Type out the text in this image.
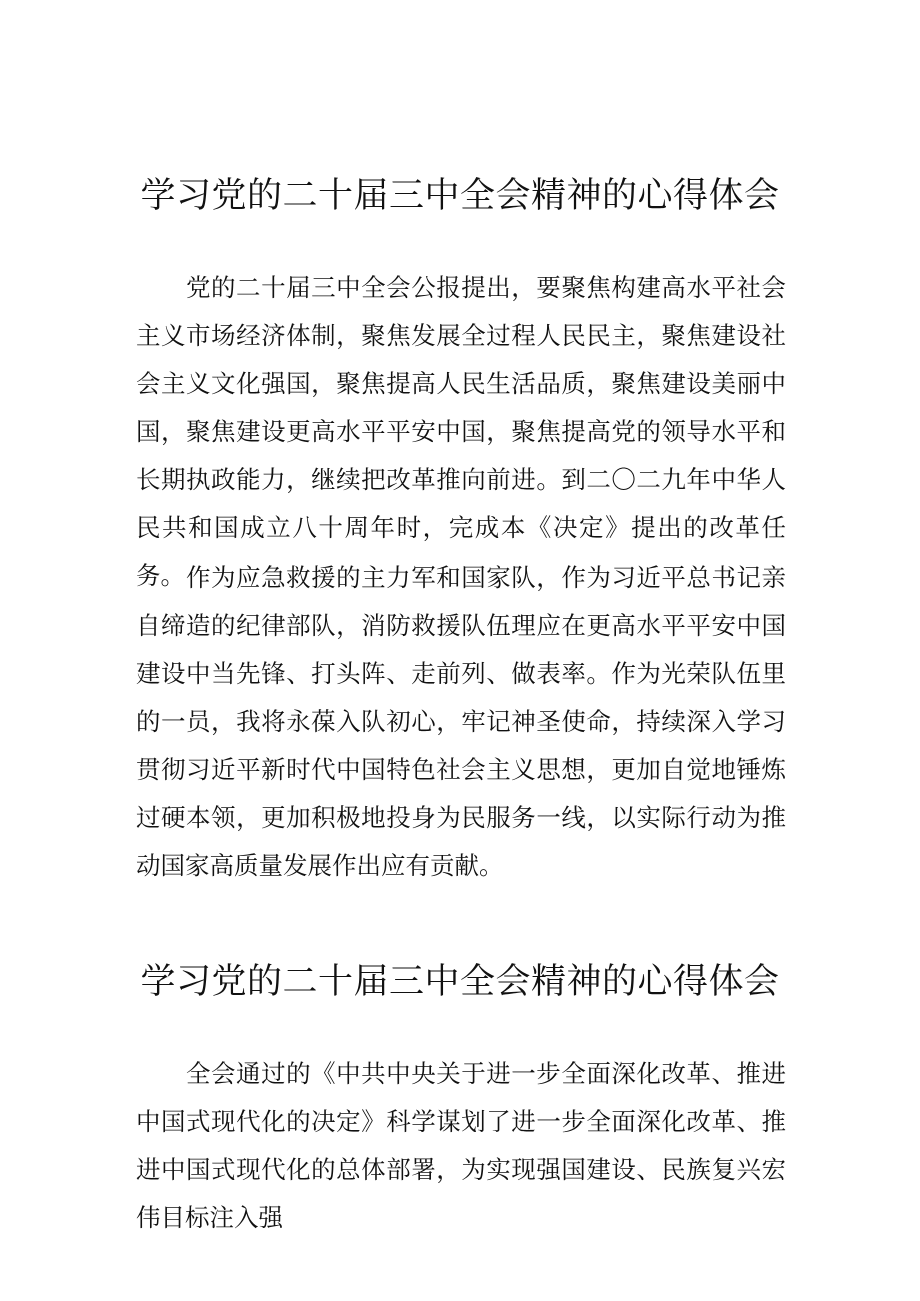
学习党的二十届三中全会精神的心得体会

党的二十届三中全会公报提出，要聚焦构建高水平社会主义市场经济体制，聚焦发展全过程人民民主，聚焦建设社会主义文化强国，聚焦提高人民生活品质，聚焦建设美丽中国，聚焦建设更高水平平安中国，聚焦提高党的领导水平和长期执政能力，继续把改革推向前进。到二〇二九年中华人民共和国成立八十周年时，完成本《决定》提出的改革任务。 作为应急救援的主力军和国家队，作为习近平总书记亲自缔造的纪律部队，消防救援队伍理应在更高水平平安中国建设中当先锋、打头阵、走前列、做表率。作为光荣队伍里的一员，我将永葆入队初心，牢记神圣使命，持续深入学习贯彻习近平新时代中国特色社会主义思想，更加自觉地锤炼过硬本领，更加积极地投身为民服务一线，以实际行动为推动国家高质量发展作出应有贡献。

学习党的二十届三中全会精神的心得体会

全会通过的《中共中央关于进一步全面深化改革、推进中国式现代化的决定》科学谋划了进一步全面深化改革、推进中国式现代化的总体部署，为实现强国建设、民族复兴宏伟目标注入强
